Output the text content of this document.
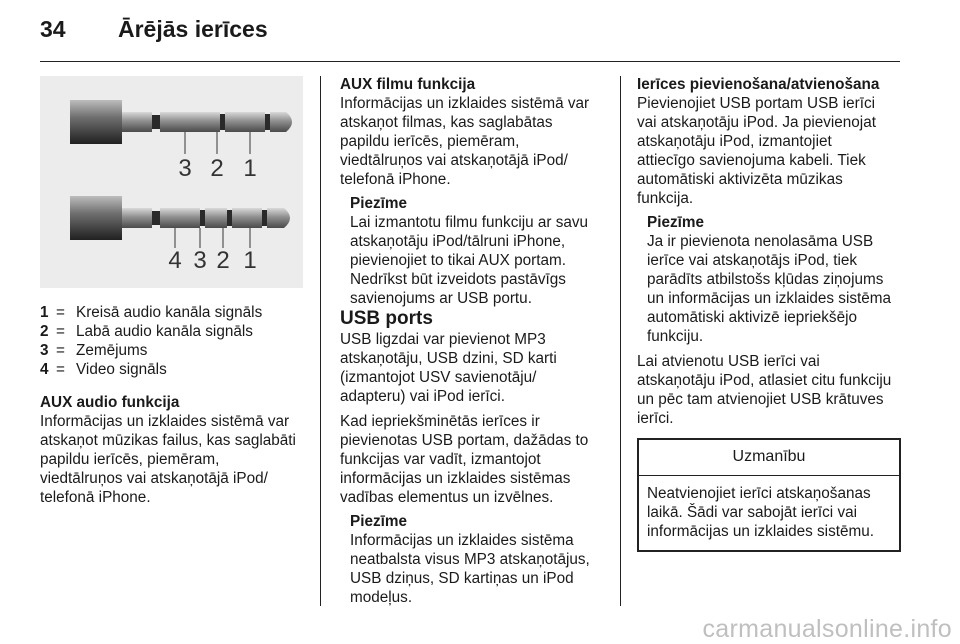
34 Ārējās ierīces
3 2 1
4 3 2 1
1 = Kreisā audio kanāla signāls
2 = Labā audio kanāla signāls
3 = Zemējums
4 = Video signāls

AUX audio funkcija

Informācijas un izklaides sistēmā var

atskaņot mūzikas failus, kas saglabāti

papildu ierīcēs, piemēram,

viedtālruņos vai atskaņotājā iPod/

telefonā iPhone.

AUX filmu funkcija

Informācijas un izklaides sistēmā var

atskaņot filmas, kas saglabātas

papildu ierīcēs, piemēram,

viedtālruņos vai atskaņotājā iPod/

telefonā iPhone.

Piezīme

Lai izmantotu filmu funkciju ar savu

atskaņotāju iPod/tālruni iPhone,

pievienojiet to tikai AUX portam.

Nedrīkst būt izveidots pastāvīgs

savienojums ar USB portu.

USB ports

USB ligzdai var pievienot MP3

atskaņotāju, USB dzini, SD karti

(izmantojot USV savienotāju/

adapteru) vai iPod ierīci.

Kad iepriekšminētās ierīces ir

pievienotas USB portam, dažādas to

funkcijas var vadīt, izmantojot

informācijas un izklaides sistēmas

vadības elementus un izvēlnes.

Piezīme

Informācijas un izklaides sistēma

neatbalsta visus MP3 atskaņotājus,

USB dziņus, SD kartiņas un iPod

modeļus.

Ierīces pievienošana/atvienošana

Pievienojiet USB portam USB ierīci

vai atskaņotāju iPod. Ja pievienojat

atskaņotāju iPod, izmantojiet

attiecīgo savienojuma kabeli. Tiek

automātiski aktivizēta mūzikas

funkcija.

Piezīme

Ja ir pievienota nenolasāma USB

ierīce vai atskaņotājs iPod, tiek

parādīts atbilstošs kļūdas ziņojums

un informācijas un izklaides sistēma

automātiski aktivizē iepriekšējo

funkciju.

Lai atvienotu USB ierīci vai

atskaņotāju iPod, atlasiet citu funkciju

un pēc tam atvienojiet USB krātuves

ierīci.

Uzmanību

Neatvienojiet ierīci atskaņošanas

laikā. Šādi var sabojāt ierīci vai

informācijas un izklaides sistēmu.

carmanualsonline.info
